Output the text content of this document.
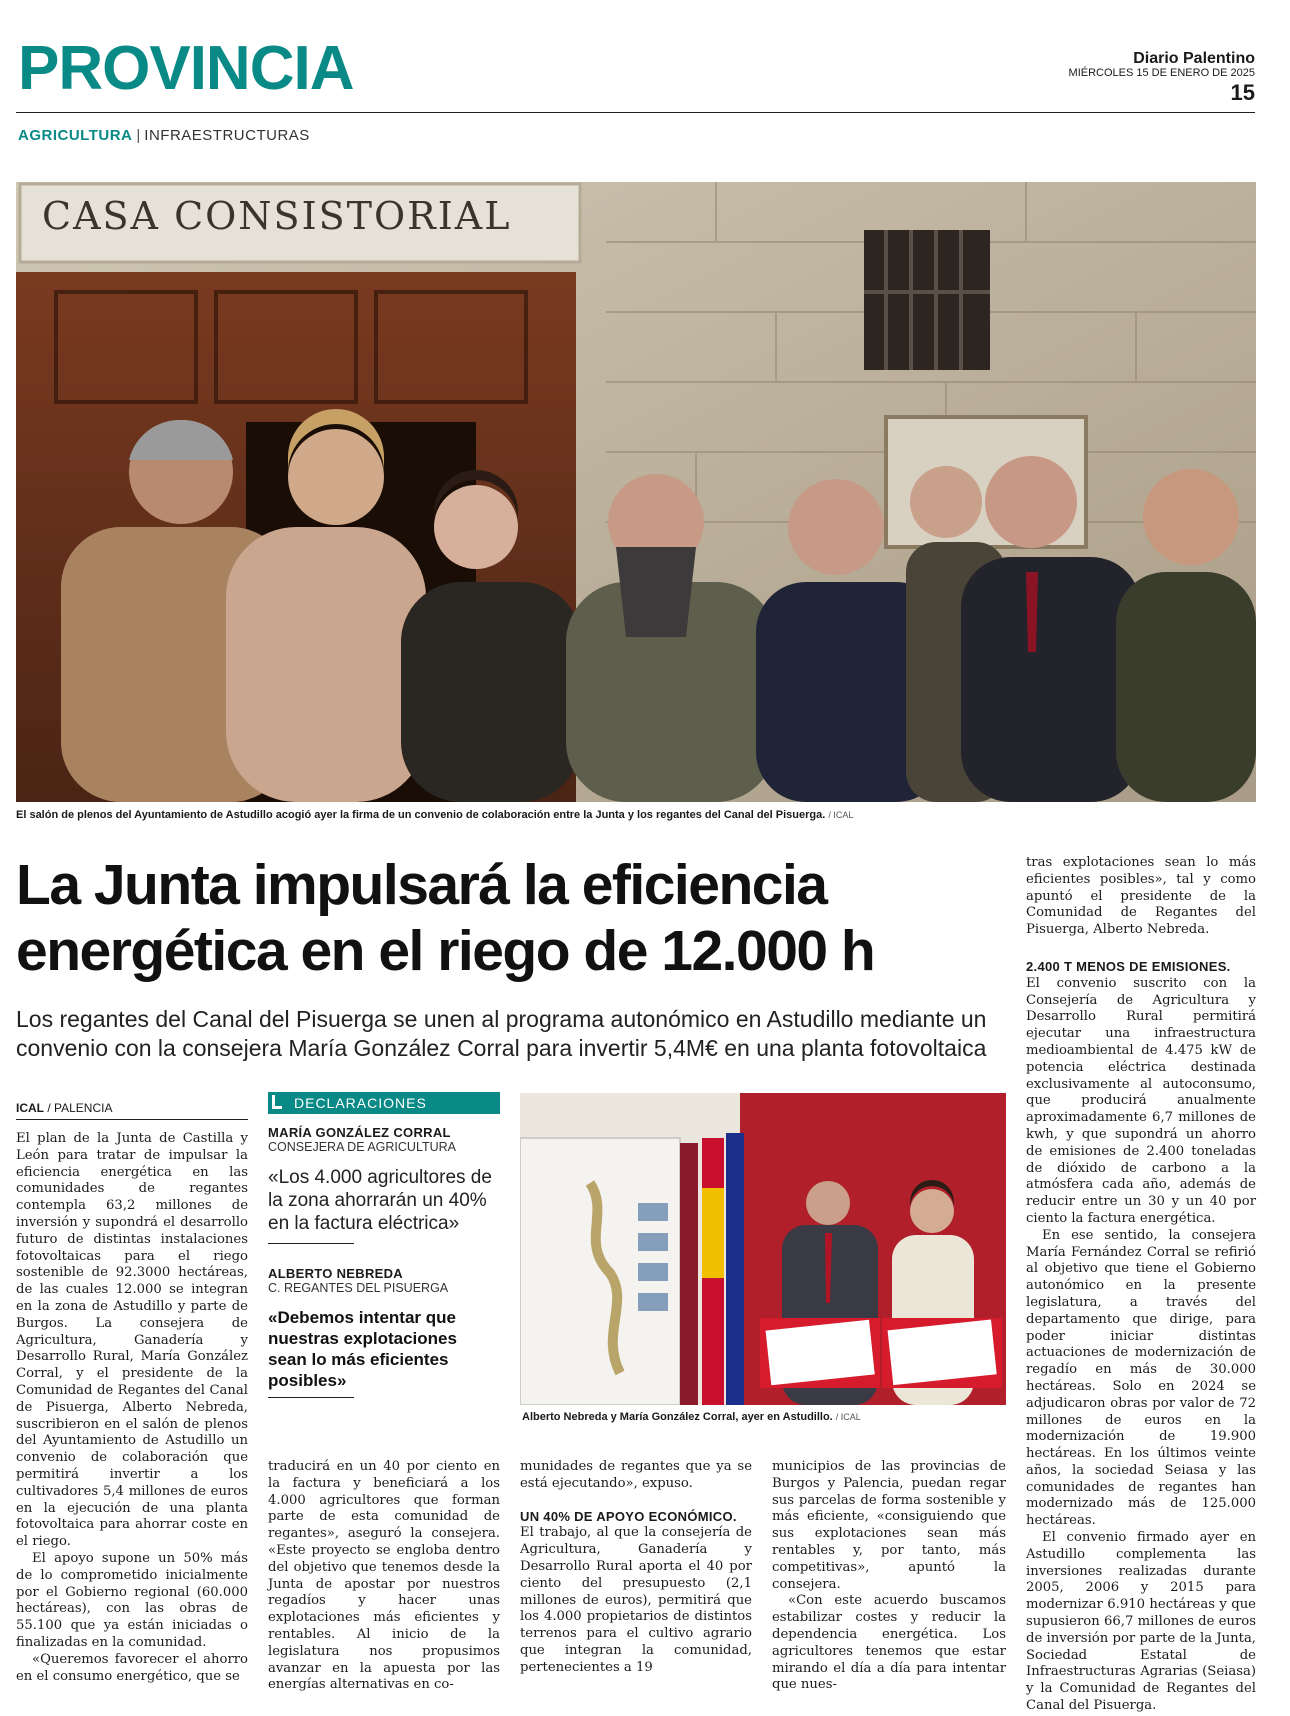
PROVINCIA	Diario Palentino
MIÉRCOLES 15 DE ENERO DE 2025
15
AGRICULTURA | INFRAESTRUCTURAS
CASA CONSISTORIAL
El salón de plenos del Ayuntamiento de Astudillo acogió ayer la firma de un convenio de colaboración entre la Junta y los regantes del Canal del Pisuerga. / ICAL
La Junta impulsará la eficiencia energética en el riego de 12.000 h
Los regantes del Canal del Pisuerga se unen al programa autonómico en Astudillo mediante un convenio con la consejera María González Corral para invertir 5,4M€ en una planta fotovoltaica
ICAL / PALENCIA

El plan de la Junta de Castilla y León para tratar de impulsar la eficiencia energética en las comunidades de regantes contempla 63,2 millones de inversión y supondrá el desarrollo futuro de distintas instalaciones fotovoltaicas para el riego sostenible de 92.3000 hectáreas, de las cuales 12.000 se integran en la zona de Astudillo y parte de Burgos. La consejera de Agricultura, Ganadería y Desarrollo Rural, María González Corral, y el presidente de la Comunidad de Regantes del Canal de Pisuerga, Alberto Nebreda, suscribieron en el salón de plenos del Ayuntamiento de Astudillo un convenio de colaboración que permitirá invertir a los cultivadores 5,4 millones de euros en la ejecución de una planta fotovoltaica para ahorrar coste en el riego.

El apoyo supone un 50% más de lo comprometido inicialmente por el Gobierno regional (60.000 hectáreas), con las obras de 55.100 que ya están iniciadas o finalizadas en la comunidad.

«Queremos favorecer el ahorro en el consumo energético, que se

DECLARACIONES
MARÍA GONZÁLEZ CORRAL
CONSEJERA DE AGRICULTURA
«Los 4.000 agricultores de la zona ahorrarán un 40% en la factura eléctrica»
ALBERTO NEBREDA
C. REGANTES DEL PISUERGA
«Debemos intentar que nuestras explotaciones sean lo más eficientes posibles»
Alberto Nebreda y María González Corral, ayer en Astudillo. / ICAL

traducirá en un 40 por ciento en la factura y beneficiará a los 4.000 agricultores que forman parte de esta comunidad de regantes», aseguró la consejera. «Este proyecto se engloba dentro del objetivo que tenemos desde la Junta de apostar por nuestros regadíos y hacer unas explotaciones más eficientes y rentables. Al inicio de la legislatura nos propusimos avanzar en la apuesta por las energías alternativas en co-

munidades de regantes que ya se está ejecutando», expuso.

UN 40% DE APOYO ECONÓMICO.

El trabajo, al que la consejería de Agricultura, Ganadería y Desarrollo Rural aporta el 40 por ciento del presupuesto (2,1 millones de euros), permitirá que los 4.000 propietarios de distintos terrenos para el cultivo agrario que integran la comunidad, pertenecientes a 19

municipios de las provincias de Burgos y Palencia, puedan regar sus parcelas de forma sostenible y más eficiente, «consiguiendo que sus explotaciones sean más rentables y, por tanto, más competitivas», apuntó la consejera.

«Con este acuerdo buscamos estabilizar costes y reducir la dependencia energética. Los agricultores tenemos que estar mirando el día a día para intentar que nues-

tras explotaciones sean lo más eficientes posibles», tal y como apuntó el presidente de la Comunidad de Regantes del Pisuerga, Alberto Nebreda.

2.400 T MENOS DE EMISIONES.

El convenio suscrito con la Consejería de Agricultura y Desarrollo Rural permitirá ejecutar una infraestructura medioambiental de 4.475 kW de potencia eléctrica destinada exclusivamente al autoconsumo, que producirá anualmente aproximadamente 6,7 millones de kwh, y que supondrá un ahorro de emisiones de 2.400 toneladas de dióxido de carbono a la atmósfera cada año, además de reducir entre un 30 y un 40 por ciento la factura energética.

En ese sentido, la consejera María Fernández Corral se refirió al objetivo que tiene el Gobierno autonómico en la presente legislatura, a través del departamento que dirige, para poder iniciar distintas actuaciones de modernización de regadío en más de 30.000 hectáreas. Solo en 2024 se adjudicaron obras por valor de 72 millones de euros en la modernización de 19.900 hectáreas. En los últimos veinte años, la sociedad Seiasa y las comunidades de regantes han modernizado más de 125.000 hectáreas.

El convenio firmado ayer en Astudillo complementa las inversiones realizadas durante 2005, 2006 y 2015 para modernizar 6.910 hectáreas y que supusieron 66,7 millones de euros de inversión por parte de la Junta, Sociedad Estatal de Infraestructuras Agrarias (Seiasa) y la Comunidad de Regantes del Canal del Pisuerga.
